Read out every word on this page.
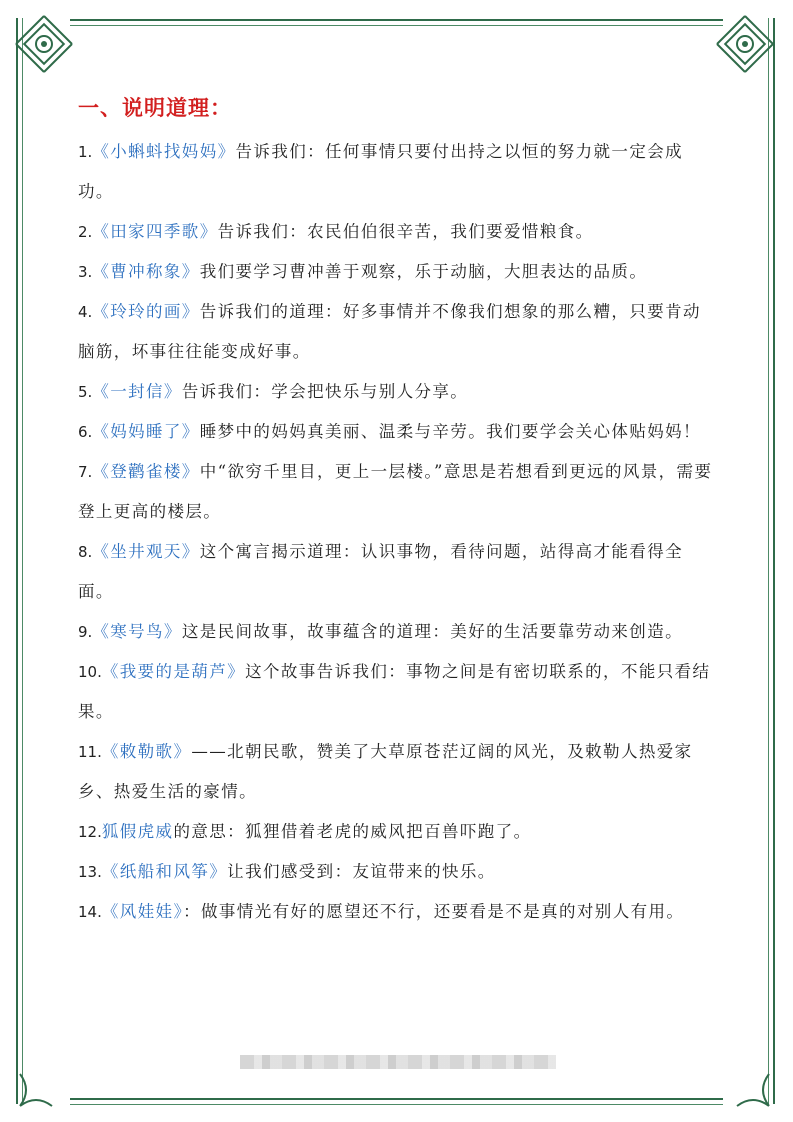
一、说明道理：

1.《小蝌蚪找妈妈》告诉我们：任何事情只要付出持之以恒的努力就一定会成功。

2.《田家四季歌》告诉我们：农民伯伯很辛苦，我们要爱惜粮食。

3.《曹冲称象》我们要学习曹冲善于观察，乐于动脑，大胆表达的品质。

4.《玲玲的画》告诉我们的道理：好多事情并不像我们想象的那么糟，只要肯动脑筋，坏事往往能变成好事。

5.《一封信》告诉我们：学会把快乐与别人分享。

6.《妈妈睡了》睡梦中的妈妈真美丽、温柔与辛劳。我们要学会关心体贴妈妈！

7.《登鹳雀楼》中“欲穷千里目，更上一层楼。”意思是若想看到更远的风景，需要登上更高的楼层。

8.《坐井观天》这个寓言揭示道理：认识事物，看待问题，站得高才能看得全面。

9.《寒号鸟》这是民间故事，故事蕴含的道理：美好的生活要靠劳动来创造。

10.《我要的是葫芦》这个故事告诉我们：事物之间是有密切联系的，不能只看结果。

11.《敕勒歌》——北朝民歌，赞美了大草原苍茫辽阔的风光，及敕勒人热爱家乡、热爱生活的豪情。

12.狐假虎威的意思：狐狸借着老虎的威风把百兽吓跑了。

13.《纸船和风筝》让我们感受到：友谊带来的快乐。

14.《风娃娃》：做事情光有好的愿望还不行，还要看是不是真的对别人有用。
